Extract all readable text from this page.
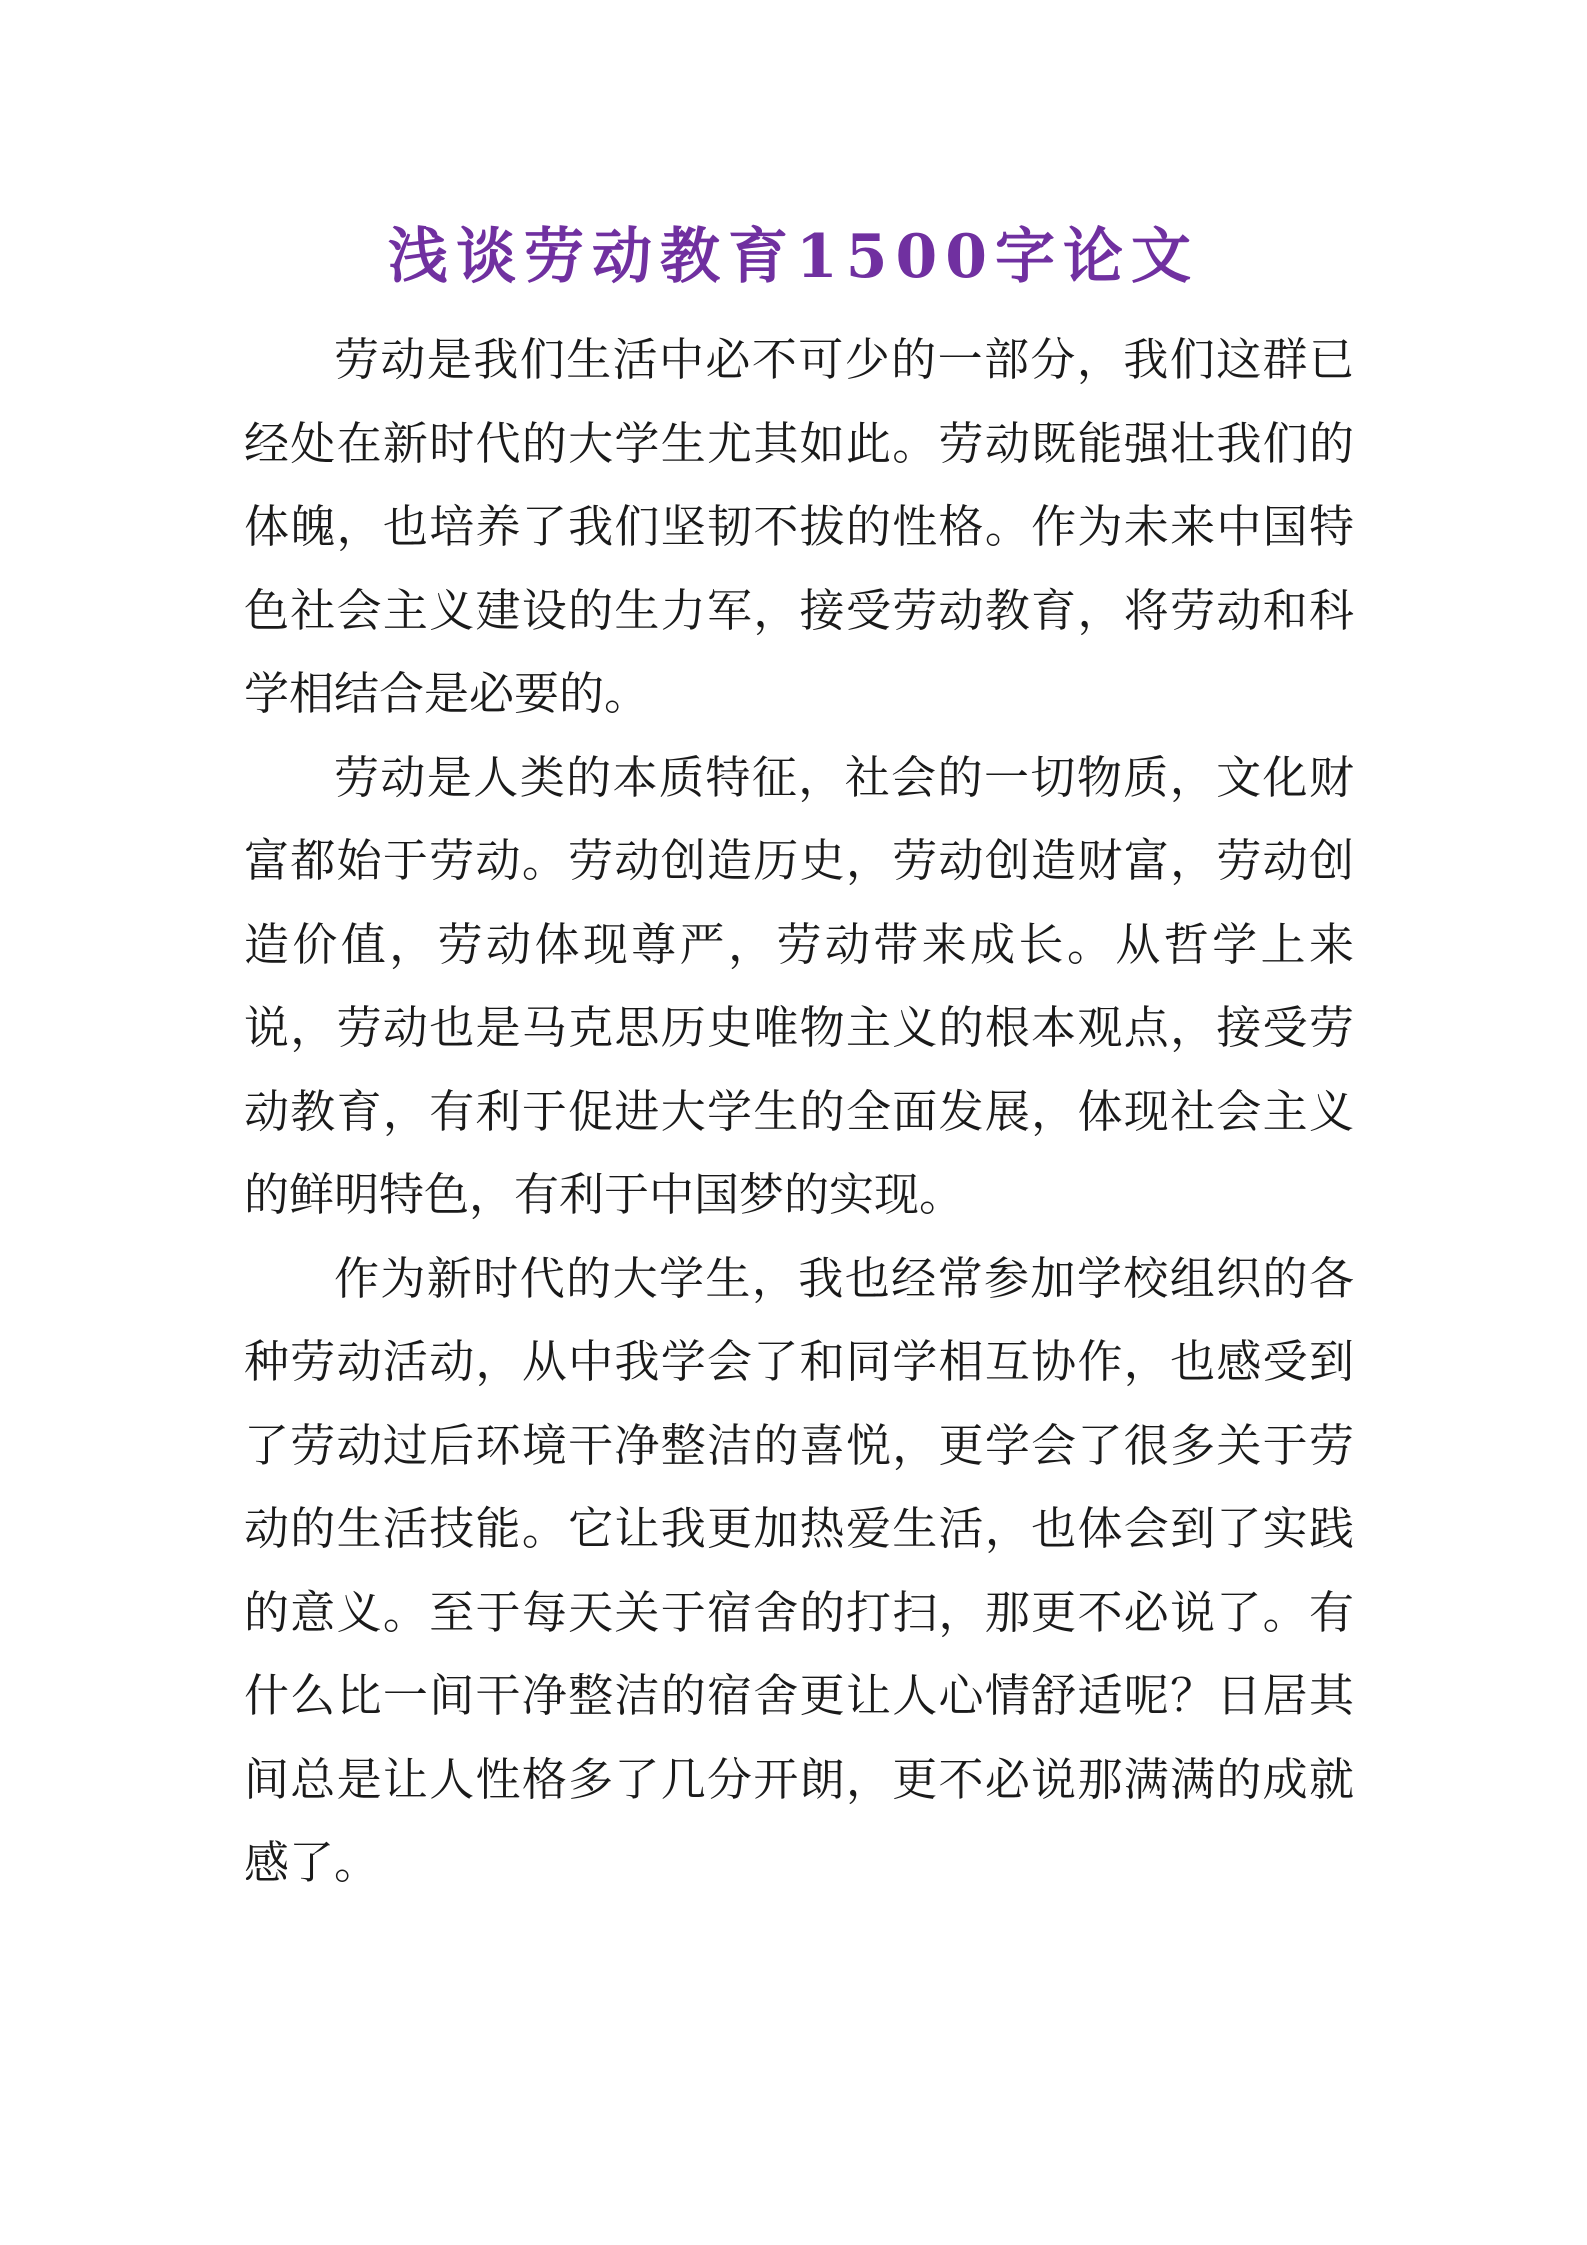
浅谈劳动教育1500字论文

劳动是我们生活中必不可少的一部分，我们这群已经处在新时代的大学生尤其如此。劳动既能强壮我们的体魄，也培养了我们坚韧不拔的性格。作为未来中国特色社会主义建设的生力军，接受劳动教育，将劳动和科学相结合是必要的。

劳动是人类的本质特征，社会的一切物质，文化财富都始于劳动。劳动创造历史，劳动创造财富，劳动创造价值，劳动体现尊严，劳动带来成长。从哲学上来说，劳动也是马克思历史唯物主义的根本观点，接受劳动教育，有利于促进大学生的全面发展，体现社会主义的鲜明特色，有利于中国梦的实现。

作为新时代的大学生，我也经常参加学校组织的各种劳动活动，从中我学会了和同学相互协作，也感受到了劳动过后环境干净整洁的喜悦，更学会了很多关于劳动的生活技能。它让我更加热爱生活，也体会到了实践的意义。至于每天关于宿舍的打扫，那更不必说了。有什么比一间干净整洁的宿舍更让人心情舒适呢？日居其间总是让人性格多了几分开朗，更不必说那满满的成就感了。
